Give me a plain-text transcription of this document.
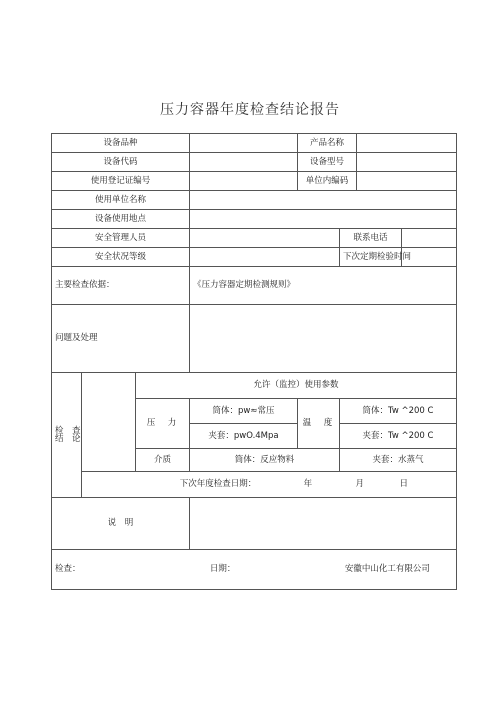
压力容器年度检查结论报告
设备品种				产品名称			
设备代码				设备型号			
使用登记证编号				单位内编码			
使用单位名称							
设备使用地点							
安全管理人员					联系电话		
安全状况等级					下次定期检验时间		
主要检查依据：			《压力容器定期检测规则》				
问题及处理							
检　查
结　论		允许（监控）使用参数					
		压　力	筒体：pw≈常压	温　度	筒体：Tw ^200 C		
			夹套：pwO.4Mpa		夹套：Tw ^200 C		
		介质	筒体：反应物料		夹套：水蒸气		
	下次年度检查日期： 年 月 日						
说　明							
检查： 日期： 安徽中山化工有限公司							
